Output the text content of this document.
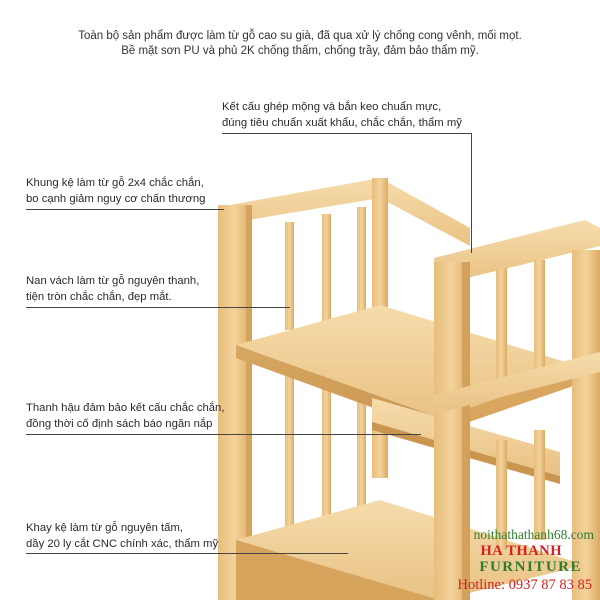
Toàn bộ sản phẩm được làm từ gỗ cao su già, đã qua xử lý chống cong vênh, mối mọt.
Bề mặt sơn PU và phủ 2K chống thấm, chống trầy, đảm bảo thẩm mỹ.
Kết cấu ghép mộng và bắn keo chuẩn mực,
đúng tiêu chuẩn xuất khẩu, chắc chắn, thẩm mỹ
Khung kệ làm từ gỗ 2x4 chắc chắn,
bo cạnh giảm nguy cơ chấn thương
Nan vách làm từ gỗ nguyên thanh,
tiện tròn chắc chắn, đẹp mắt.
Thanh hậu đảm bảo kết cấu chắc chắn,
đồng thời cố định sách báo ngăn nắp
Khay kệ làm từ gỗ nguyên tấm,
dầy 20 ly cắt CNC chính xác, thẩm mỹ
noithathathanh68.com
HA THANH
FURNITURE
Hotline: 0937 87 83 85
